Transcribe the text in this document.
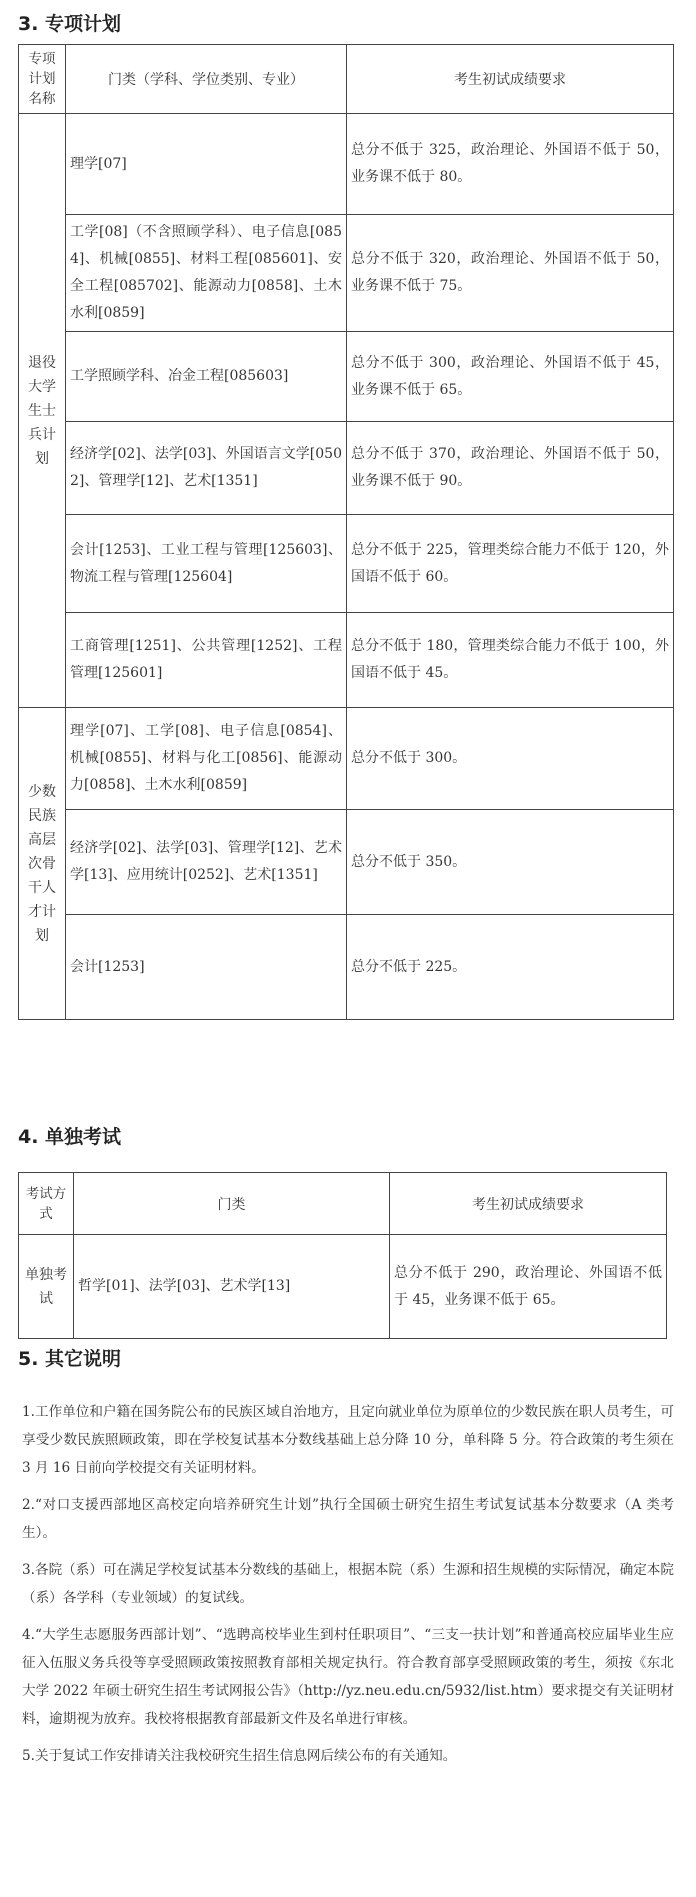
3. 专项计划
专项计划名称	门类（学科、学位类别、专业）	考生初试成绩要求
退役大学生士兵计划	理学[07]	总分不低于 325，政治理论、外国语不低于 50，业务课不低于 80。
	工学[08]（不含照顾学科）、电子信息[0854]、机械[0855]、材料工程[085601]、安全工程[085702]、能源动力[0858]、土木水利[0859]	总分不低于 320，政治理论、外国语不低于 50，业务课不低于 75。
	工学照顾学科、冶金工程[085603]	总分不低于 300，政治理论、外国语不低于 45，业务课不低于 65。
	经济学[02]、法学[03]、外国语言文学[0502]、管理学[12]、艺术[1351]	总分不低于 370，政治理论、外国语不低于 50，业务课不低于 90。
	会计[1253]、工业工程与管理[125603]、物流工程与管理[125604]	总分不低于 225，管理类综合能力不低于 120，外国语不低于 60。
	工商管理[1251]、公共管理[1252]、工程管理[125601]	总分不低于 180，管理类综合能力不低于 100，外国语不低于 45。
少数民族高层次骨干人才计划	理学[07]、工学[08]、电子信息[0854]、机械[0855]、材料与化工[0856]、能源动力[0858]、土木水利[0859]	总分不低于 300。
	经济学[02]、法学[03]、管理学[12]、艺术学[13]、应用统计[0252]、艺术[1351]	总分不低于 350。
	会计[1253]	总分不低于 225。
4. 单独考试
考试方式	门类	考生初试成绩要求
单独考试	哲学[01]、法学[03]、艺术学[13]	总分不低于 290，政治理论、外国语不低于 45，业务课不低于 65。
5. 其它说明

1.工作单位和户籍在国务院公布的民族区域自治地方，且定向就业单位为原单位的少数民族在职人员考生，可享受少数民族照顾政策，即在学校复试基本分数线基础上总分降 10 分，单科降 5 分。符合政策的考生须在 3 月 16 日前向学校提交有关证明材料。

2.“对口支援西部地区高校定向培养研究生计划”执行全国硕士研究生招生考试复试基本分数要求（A 类考生）。

3.各院（系）可在满足学校复试基本分数线的基础上，根据本院（系）生源和招生规模的实际情况，确定本院（系）各学科（专业领域）的复试线。

4.“大学生志愿服务西部计划”、“选聘高校毕业生到村任职项目”、“三支一扶计划”和普通高校应届毕业生应征入伍服义务兵役等享受照顾政策按照教育部相关规定执行。符合教育部享受照顾政策的考生，须按《东北大学 2022 年硕士研究生招生考试网报公告》（http://yz.neu.edu.cn/5932/list.htm）要求提交有关证明材料，逾期视为放弃。我校将根据教育部最新文件及名单进行审核。

5.关于复试工作安排请关注我校研究生招生信息网后续公布的有关通知。
